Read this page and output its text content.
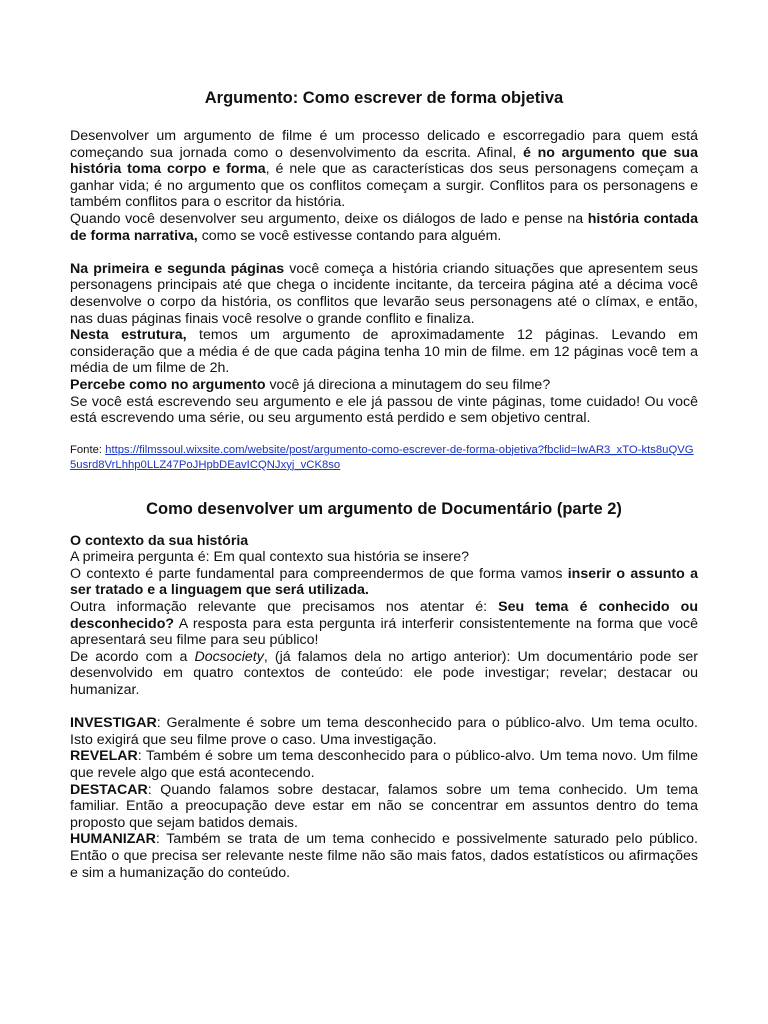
Argumento: Como escrever de forma objetiva

Desenvolver um argumento de filme é um processo delicado e escorregadio para quem está começando sua jornada como o desenvolvimento da escrita. Afinal, é no argumento que sua história toma corpo e forma, é nele que as características dos seus personagens começam a ganhar vida; é no argumento que os conflitos começam a surgir. Conflitos para os personagens e também conflitos para o escritor da história.

Quando você desenvolver seu argumento, deixe os diálogos de lado e pense na história contada de forma narrativa, como se você estivesse contando para alguém.

Na primeira e segunda páginas você começa a história criando situações que apresentem seus personagens principais até que chega o incidente incitante, da terceira página até a décima você desenvolve o corpo da história, os conflitos que levarão seus personagens até o clímax, e então, nas duas páginas finais você resolve o grande conflito e finaliza.

Nesta estrutura, temos um argumento de aproximadamente 12 páginas. Levando em consideração que a média é de que cada página tenha 10 min de filme. em 12 páginas você tem a média de um filme de 2h.

Percebe como no argumento você já direciona a minutagem do seu filme?

Se você está escrevendo seu argumento e ele já passou de vinte páginas, tome cuidado! Ou você está escrevendo uma série, ou seu argumento está perdido e sem objetivo central.

Fonte: https://filmssoul.wixsite.com/website/post/argumento-como-escrever-de-forma-objetiva?fbclid=IwAR3_xTO-kts8uQVG5usrd8VrLhhp0LLZ47PoJHpbDEavICQNJxyj_vCK8so
Como desenvolver um argumento de Documentário (parte 2)

O contexto da sua história

A primeira pergunta é: Em qual contexto sua história se insere?

O contexto é parte fundamental para compreendermos de que forma vamos inserir o assunto a ser tratado e a linguagem que será utilizada.

Outra informação relevante que precisamos nos atentar é: Seu tema é conhecido ou desconhecido? A resposta para esta pergunta irá interferir consistentemente na forma que você apresentará seu filme para seu público!

De acordo com a Docsociety, (já falamos dela no artigo anterior): Um documentário pode ser desenvolvido em quatro contextos de conteúdo: ele pode investigar; revelar; destacar ou humanizar.

INVESTIGAR: Geralmente é sobre um tema desconhecido para o público-alvo. Um tema oculto. Isto exigirá que seu filme prove o caso. Uma investigação.

REVELAR: Também é sobre um tema desconhecido para o público-alvo. Um tema novo. Um filme que revele algo que está acontecendo.

DESTACAR: Quando falamos sobre destacar, falamos sobre um tema conhecido. Um tema familiar. Então a preocupação deve estar em não se concentrar em assuntos dentro do tema proposto que sejam batidos demais.

HUMANIZAR: Também se trata de um tema conhecido e possivelmente saturado pelo público. Então o que precisa ser relevante neste filme não são mais fatos, dados estatísticos ou afirmações e sim a humanização do conteúdo.
